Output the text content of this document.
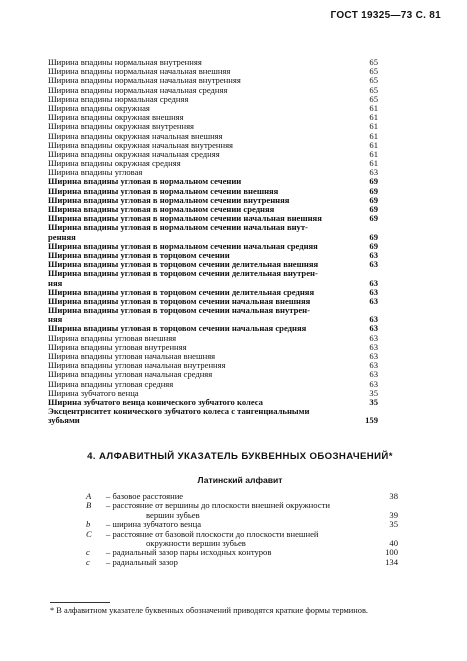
ГОСТ 19325—73 С. 81
Ширина впадины нормальная внутренняя	65
Ширина впадины нормальная начальная внешняя	65
Ширина впадины нормальная начальная внутренняя	65
Ширина впадины нормальная начальная средняя	65
Ширина впадины нормальная средняя	65
Ширина впадины окружная	61
Ширина впадины окружная внешняя	61
Ширина впадины окружная внутренняя	61
Ширина впадины окружная начальная внешняя	61
Ширина впадины окружная начальная внутренняя	61
Ширина впадины окружная начальная средняя	61
Ширина впадины окружная средняя	61
Ширина впадины угловая	63
Ширина впадины угловая в нормальном сечении	69
Ширина впадины угловая в нормальном сечении внешняя	69
Ширина впадины угловая в нормальном сечении внутренняя	69
Ширина впадины угловая в нормальном сечении средняя	69
Ширина впадины угловая в нормальном сечении начальная внешняя	69
Ширина впадины угловая в нормальном сечении начальная внут-
ренняя	69
Ширина впадины угловая в нормальном сечении начальная средняя	69
Ширина впадины угловая в торцовом сечении	63
Ширина впадины угловая в торцовом сечении делительная внешняя	63
Ширина впадины угловая в торцовом сечении делительная внутрен-
няя	63
Ширина впадины угловая в торцовом сечении делительная средняя	63
Ширина впадины угловая в торцовом сечении начальная внешняя	63
Ширина впадины угловая в торцовом сечении начальная внутрен-
няя	63
Ширина впадины угловая в торцовом сечении начальная средняя	63
Ширина впадины угловая внешняя	63
Ширина впадины угловая внутренняя	63
Ширина впадины угловая начальная внешняя	63
Ширина впадины угловая начальная внутренняя	63
Ширина впадины угловая начальная средняя	63
Ширина впадины угловая средняя	63
Ширина зубчатого венца	35
Ширина зубчатого венца конического зубчатого колеса	35
Эксцентриситет конического зубчатого колеса с тангенциальными
зубьями	159
4. АЛФАВИТНЫЙ УКАЗАТЕЛЬ БУКВЕННЫХ ОБОЗНАЧЕНИЙ*
Латинский алфавит
A – базовое расстояние	38
B – расстояние от вершины до плоскости внешней окружности
вершин зубьев	39
b – ширина зубчатого венца	35
C – расстояние от базовой плоскости до плоскости внешней
окружности вершин зубьев	40
c – радиальный зазор пары исходных контуров	100
c – радиальный зазор	134
* В алфавитном указателе буквенных обозначений приводятся краткие формы терминов.
